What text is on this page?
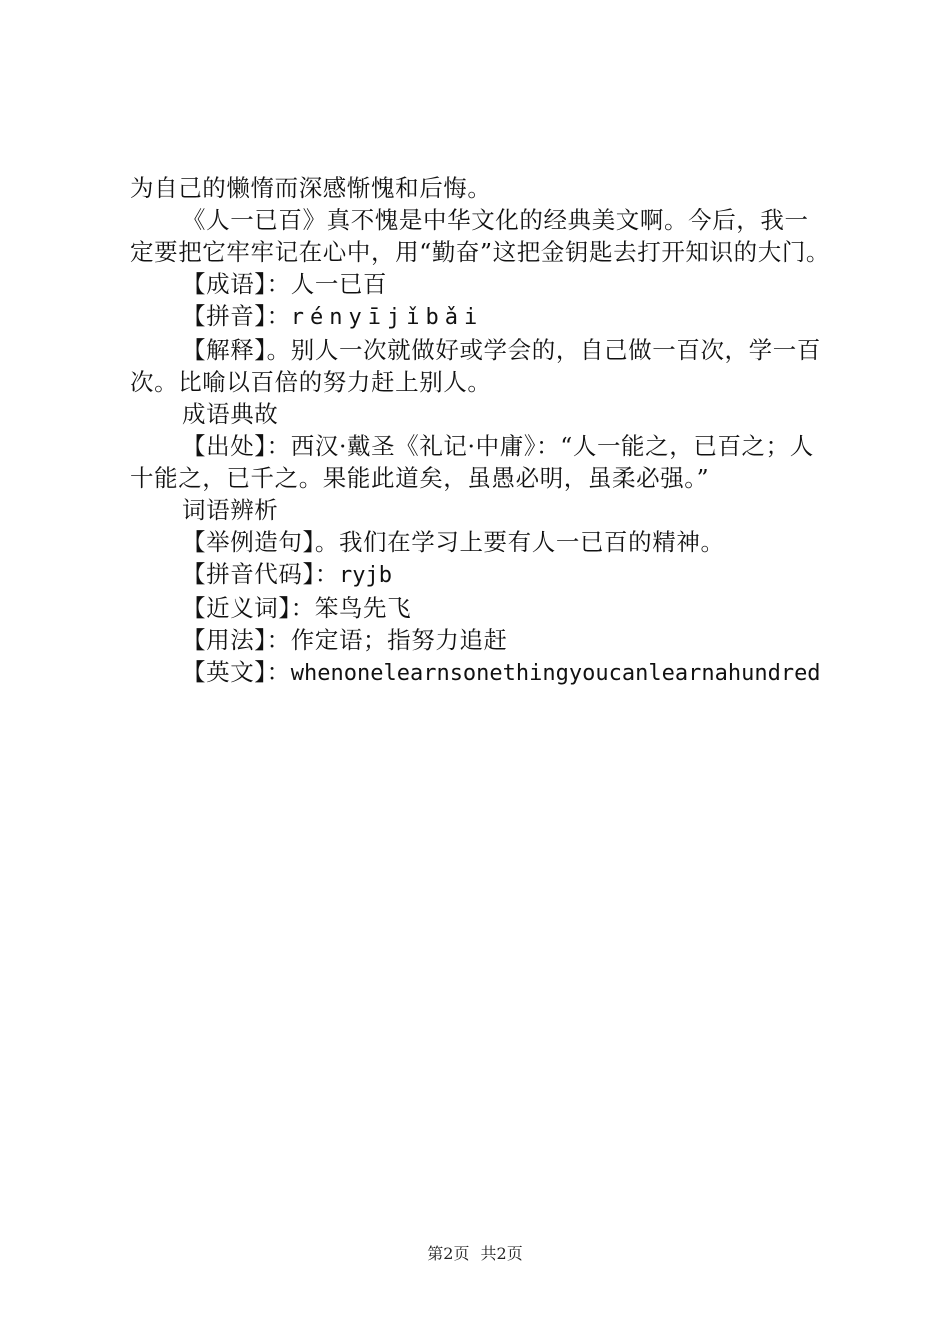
为自己的懒惰而深感惭愧和后悔。

《人一已百》真不愧是中华文化的经典美文啊。今后，我一定要把它牢牢记在心中，用“勤奋”这把金钥匙去打开知识的大门。

【成语】：人一已百

【拼音】：rényījǐbǎi

【解释】。别人一次就做好或学会的，自己做一百次，学一百次。比喻以百倍的努力赶上别人。

成语典故

【出处】：西汉·戴圣《礼记·中庸》：“人一能之，已百之；人十能之，已千之。果能此道矣，虽愚必明，虽柔必强。”

词语辨析

【举例造句】。我们在学习上要有人一已百的精神。

【拼音代码】：ryjb

【近义词】：笨鸟先飞

【用法】：作定语；指努力追赶

【英文】：whenonelearnsonethingyoucanlearnahundred

第2页 共2页
